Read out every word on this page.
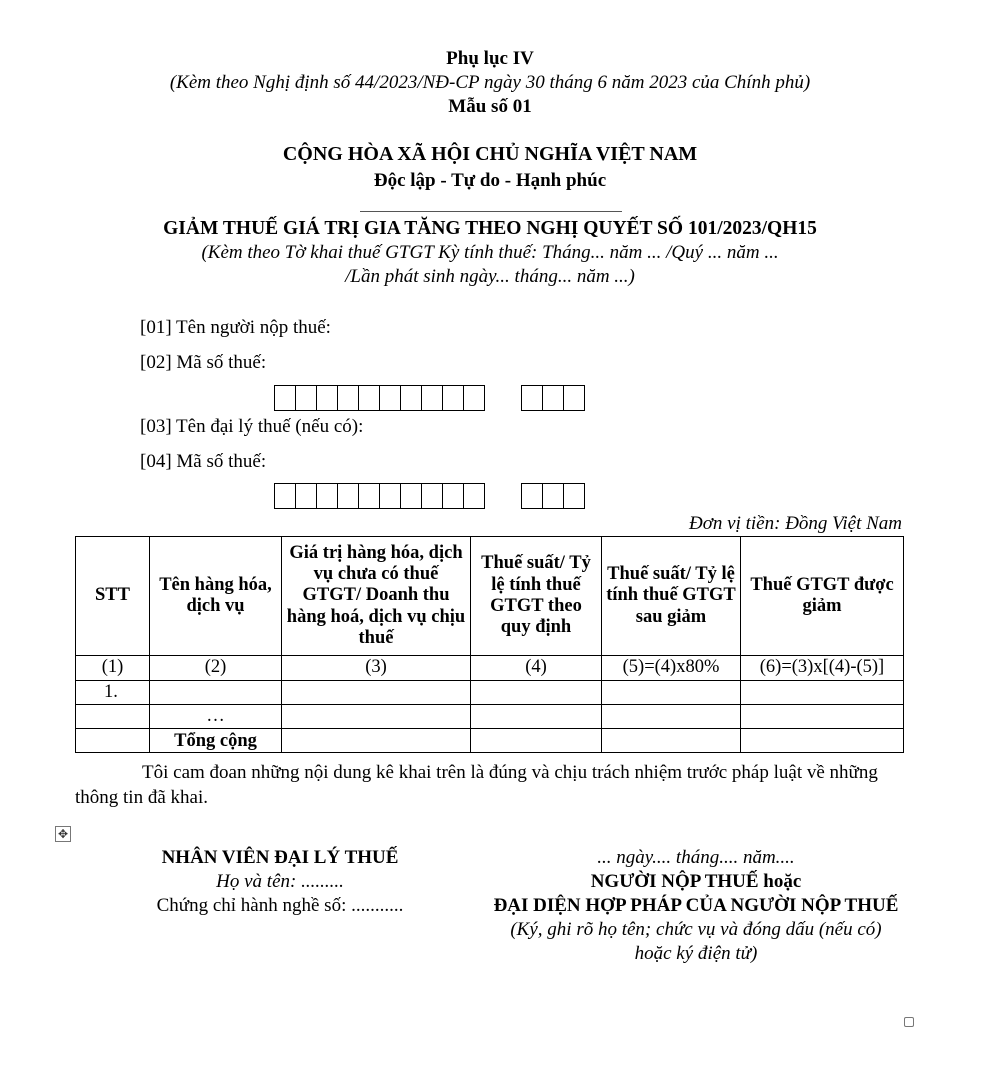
Phụ lục IV
(Kèm theo Nghị định số 44/2023/NĐ-CP ngày 30 tháng 6 năm 2023 của Chính phủ)
Mẫu số 01
CỘNG HÒA XÃ HỘI CHỦ NGHĨA VIỆT NAM
Độc lập - Tự do - Hạnh phúc
GIẢM THUẾ GIÁ TRỊ GIA TĂNG THEO NGHỊ QUYẾT SỐ 101/2023/QH15
(Kèm theo Tờ khai thuế GTGT Kỳ tính thuế: Tháng... năm ... /Quý ... năm ...
/Lần phát sinh ngày... tháng... năm ...)
[01] Tên người nộp thuế:
[02] Mã số thuế:
[03] Tên đại lý thuế (nếu có):
[04] Mã số thuế:
Đơn vị tiền: Đồng Việt Nam
STT	Tên hàng hóa, dịch vụ	Giá trị hàng hóa, dịch vụ chưa có thuế GTGT/ Doanh thu hàng hoá, dịch vụ chịu thuế	Thuế suất/ Tỷ lệ tính thuế GTGT theo quy định	Thuế suất/ Tỷ lệ tính thuế GTGT sau giảm	Thuế GTGT được giảm
(1)	(2)	(3)	(4)	(5)=(4)x80%	(6)=(3)x[(4)-(5)]
1.					
	…				
	Tổng cộng				
Tôi cam đoan những nội dung kê khai trên là đúng và chịu trách nhiệm trước pháp luật về những thông tin đã khai.
✥
NHÂN VIÊN ĐẠI LÝ THUẾ
Họ và tên: .........
Chứng chỉ hành nghề số: ...........
... ngày.... tháng.... năm....
NGƯỜI NỘP THUẾ hoặc
ĐẠI DIỆN HỢP PHÁP CỦA NGƯỜI NỘP THUẾ
(Ký, ghi rõ họ tên; chức vụ và đóng dấu (nếu có)
hoặc ký điện tử)
